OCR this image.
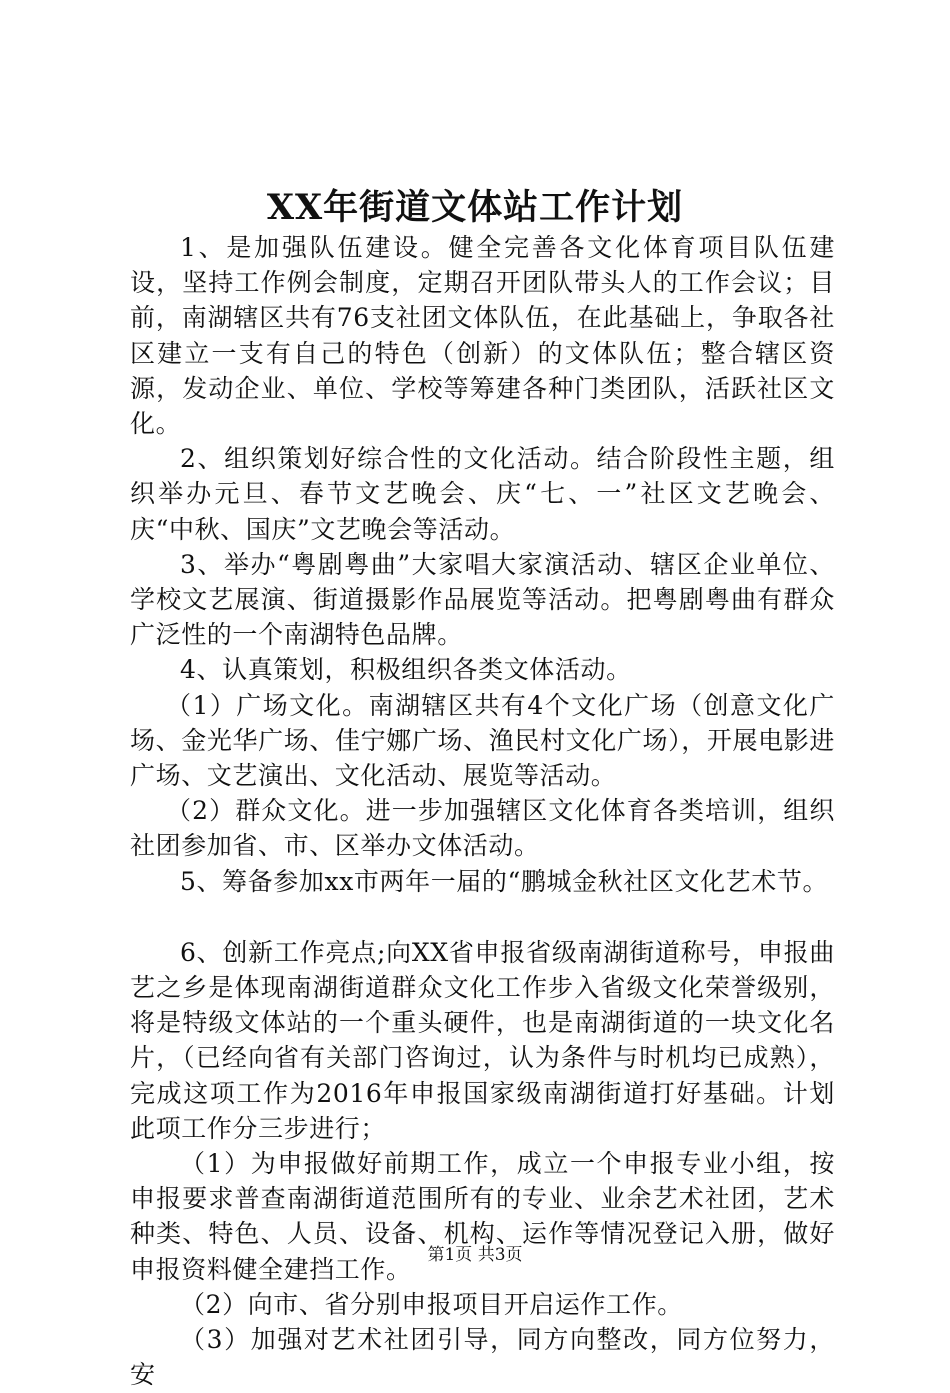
XX年街道文体站工作计划

1、是加强队伍建设。健全完善各文化体育项目队伍建设，坚持工作例会制度，定期召开团队带头人的工作会议；目前，南湖辖区共有76支社团文体队伍，在此基础上，争取各社区建立一支有自己的特色（创新）的文体队伍；整合辖区资源，发动企业、单位、学校等筹建各种门类团队，活跃社区文化。

2、组织策划好综合性的文化活动。结合阶段性主题，组织举办元旦、春节文艺晚会、庆“七、一”社区文艺晚会、庆“中秋、国庆”文艺晚会等活动。

3、举办“粤剧粤曲”大家唱大家演活动、辖区企业单位、学校文艺展演、街道摄影作品展览等活动。把粤剧粤曲有群众广泛性的一个南湖特色品牌。

4、认真策划，积极组织各类文体活动。

（1）广场文化。南湖辖区共有4个文化广场（创意文化广场、金光华广场、佳宁娜广场、渔民村文化广场），开展电影进广场、文艺演出、文化活动、展览等活动。

（2）群众文化。进一步加强辖区文化体育各类培训，组织社团参加省、市、区举办文体活动。

5、筹备参加xx市两年一届的“鹏城金秋社区文化艺术节。

6、创新工作亮点;向XX省申报省级南湖街道称号，申报曲艺之乡是体现南湖街道群众文化工作步入省级文化荣誉级别，将是特级文体站的一个重头硬件，也是南湖街道的一块文化名片，（已经向省有关部门咨询过，认为条件与时机均已成熟），完成这项工作为2016年申报国家级南湖街道打好基础。计划此项工作分三步进行；

（1）为申报做好前期工作，成立一个申报专业小组，按申报要求普查南湖街道范围所有的专业、业余艺术社团，艺术种类、特色、人员、设备、机构、运作等情况登记入册，做好申报资料健全建挡工作。

（2）向市、省分别申报项目开启运作工作。

（3）加强对艺术社团引导，同方向整改，同方位努力，安

第1页 共3页
